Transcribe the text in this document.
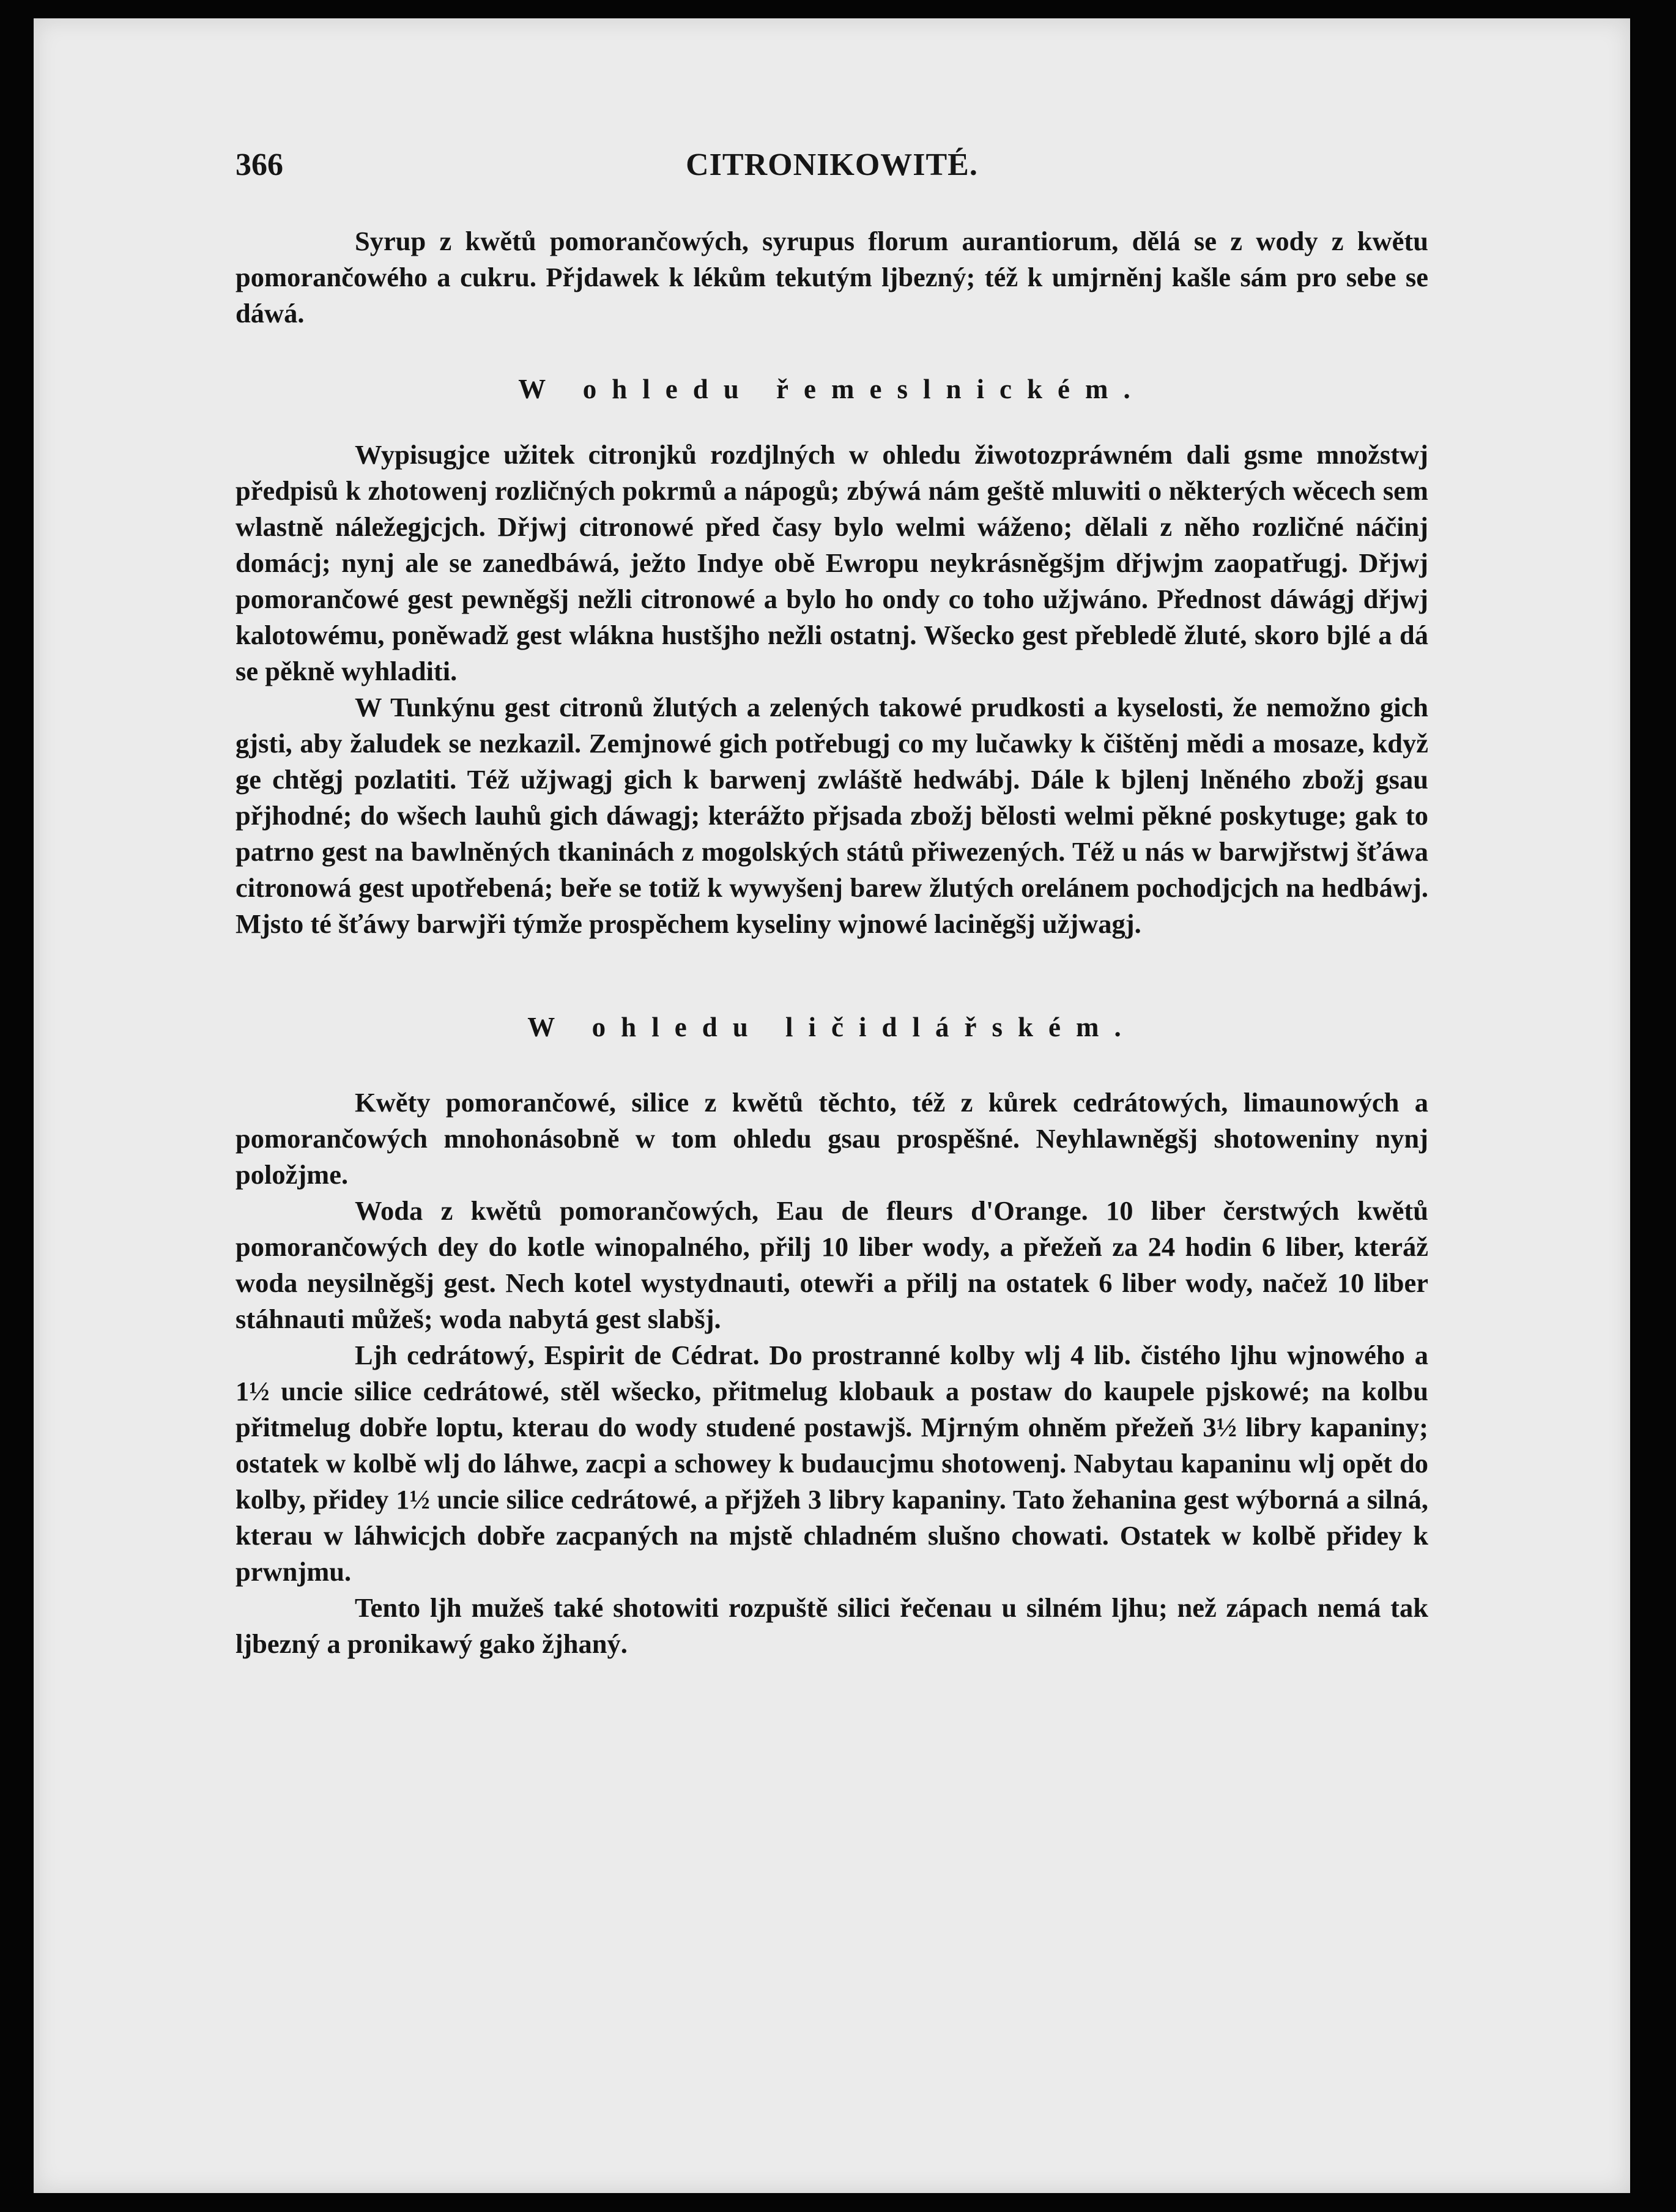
366	CITRONIKOWITÉ.

Syrup z kwětů pomorančowých, syrupus florum aurantiorum, dělá se z wody z kwětu pomorančowého a cukru. Přjdawek k lékům tekutým ljbezný; též k umjrněnj kašle sám pro sebe se dáwá.

W ohledu řemeslnickém.

Wypisugjce užitek citronjků rozdjlných w ohledu žiwotozpráwném dali gsme množstwj předpisů k zhotowenj rozličných pokrmů a nápogů; zbýwá nám geště mluwiti o některých wěcech sem wlastně náležegjcjch. Dřjwj citronowé před časy bylo welmi wáženo; dělali z něho rozličné náčinj domácj; nynj ale se zanedbáwá, ježto Indye obě Ewropu neykrásněgšjm dřjwjm zaopatřugj. Dřjwj pomorančowé gest pewněgšj nežli citronowé a bylo ho ondy co toho užjwáno. Přednost dáwágj dřjwj kalotowému, poněwadž gest wlákna hustšjho nežli ostatnj. Wšecko gest přebledě žluté, skoro bjlé a dá se pěkně wyhladiti.

W Tunkýnu gest citronů žlutých a zelených takowé prudkosti a kyselosti, že nemožno gich gjsti, aby žaludek se nezkazil. Zemjnowé gich potřebugj co my lučawky k čištěnj mědi a mosaze, když ge chtěgj pozlatiti. Též užjwagj gich k barwenj zwláště hedwábj. Dále k bjlenj lněného zbožj gsau přjhodné; do wšech lauhů gich dáwagj; kterážto přjsada zbožj bělosti welmi pěkné poskytuge; gak to patrno gest na bawlněných tkaninách z mogolských států přiwezených. Též u nás w barwjřstwj šťáwa citronowá gest upotřebená; beře se totiž k wywyšenj barew žlutých orelánem pochodjcjch na hedbáwj. Mjsto té šťáwy barwjři týmže prospěchem kyseliny wjnowé laciněgšj užjwagj.

W ohledu ličidlářském.

Kwěty pomorančowé, silice z kwětů těchto, též z kůrek cedrátowých, limaunowých a pomorančowých mnohonásobně w tom ohledu gsau prospěšné. Neyhlawněgšj shotoweniny nynj položjme.

Woda z kwětů pomorančowých, Eau de fleurs d'Orange. 10 liber čerstwých kwětů pomorančowých dey do kotle winopalného, přilj 10 liber wody, a přežeň za 24 hodin 6 liber, kteráž woda neysilněgšj gest. Nech kotel wystydnauti, otewři a přilj na ostatek 6 liber wody, načež 10 liber stáhnauti můžeš; woda nabytá gest slabšj.

Ljh cedrátowý, Espirit de Cédrat. Do prostranné kolby wlj 4 lib. čistého ljhu wjnowého a 1½ uncie silice cedrátowé, stěl wšecko, přitmelug klobauk a postaw do kaupele pjskowé; na kolbu přitmelug dobře loptu, kterau do wody studené postawjš. Mjrným ohněm přežeň 3½ libry kapaniny; ostatek w kolbě wlj do láhwe, zacpi a schowey k budaucjmu shotowenj. Nabytau kapaninu wlj opět do kolby, přidey 1½ uncie silice cedrátowé, a přjžeh 3 libry kapaniny. Tato žehanina gest wýborná a silná, kterau w láhwicjch dobře zacpaných na mjstě chladném slušno chowati. Ostatek w kolbě přidey k prwnjmu.

Tento ljh mužeš také shotowiti rozpuště silici řečenau u silném ljhu; než zápach nemá tak ljbezný a pronikawý gako žjhaný.
